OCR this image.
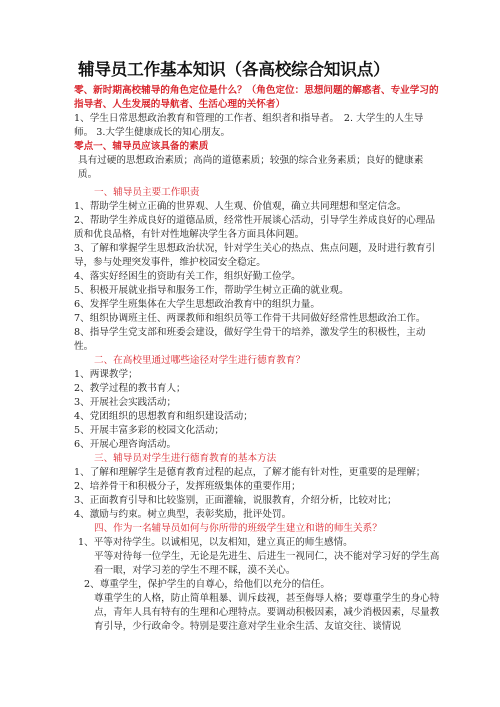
辅导员工作基本知识（各高校综合知识点）

零、新时期高校辅导的角色定位是什么？（角色定位：思想问题的解惑者、专业学习的指导者、人生发展的导航者、生活心理的关怀者）

1、学生日常思想政治教育和管理的工作者、组织者和指导者。　2. 大学生的人生导师。 3.大学生健康成长的知心朋友。

零点一、辅导员应该具备的素质

具有过硬的思想政治素质；高尚的道德素质；较强的综合业务素质；良好的健康素质。

一、辅导员主要工作职责

1、帮助学生树立正确的世界观、人生观、价值观，确立共同理想和坚定信念。

2、帮助学生养成良好的道德品质，经常性开展谈心活动，引导学生养成良好的心理品质和优良品格，有针对性地解决学生各方面具体问题。

3、了解和掌握学生思想政治状况，针对学生关心的热点、焦点问题，及时进行教育引导，参与处理突发事件，维护校园安全稳定。

4、落实好经困生的资助有关工作，组织好勤工俭学。

5、积极开展就业指导和服务工作，帮助学生树立正确的就业观。

6、发挥学生班集体在大学生思想政治教育中的组织力量。

7、组织协调班主任、两课教师和组织员等工作骨干共同做好经常性思想政治工作。

8、指导学生党支部和班委会建设，做好学生骨干的培养，激发学生的积极性，主动性。

二、在高校里通过哪些途径对学生进行德育教育？

1、两课教学；

2、教学过程的教书育人；

3、开展社会实践活动；

4、党团组织的思想教育和组织建设活动；

5、开展丰富多彩的校园文化活动；

6、开展心理咨询活动。

三、辅导员对学生进行德育教育的基本方法

1、了解和理解学生是德育教育过程的起点，了解才能有针对性，更重要的是理解；

2、培养骨干和积极分子，发挥班级集体的重要作用；

3、正面教育引导和比较鉴别，正面灌输，说服教育，介绍分析，比较对比；

4、激励与约束。树立典型，表彰奖励，批评处罚。

四、作为一名辅导员如何与你所带的班级学生建立和谐的师生关系？

1、平等对待学生。以诚相见，以友相知，建立真正的师生感情。

平等对待每一位学生，无论是先进生、后进生一视同仁，决不能对学习好的学生高看一眼，对学习差的学生不理不睬，漠不关心。

2、尊重学生，保护学生的自尊心，给他们以充分的信任。

尊重学生的人格，防止简单粗暴、训斥歧视，甚至侮辱人格；要尊重学生的身心特点，青年人具有特有的生理和心理特点。要调动积极因素，减少消极因素，尽量教育引导，少行政命令。特别是要注意对学生业余生活、友谊交往、谈情说
